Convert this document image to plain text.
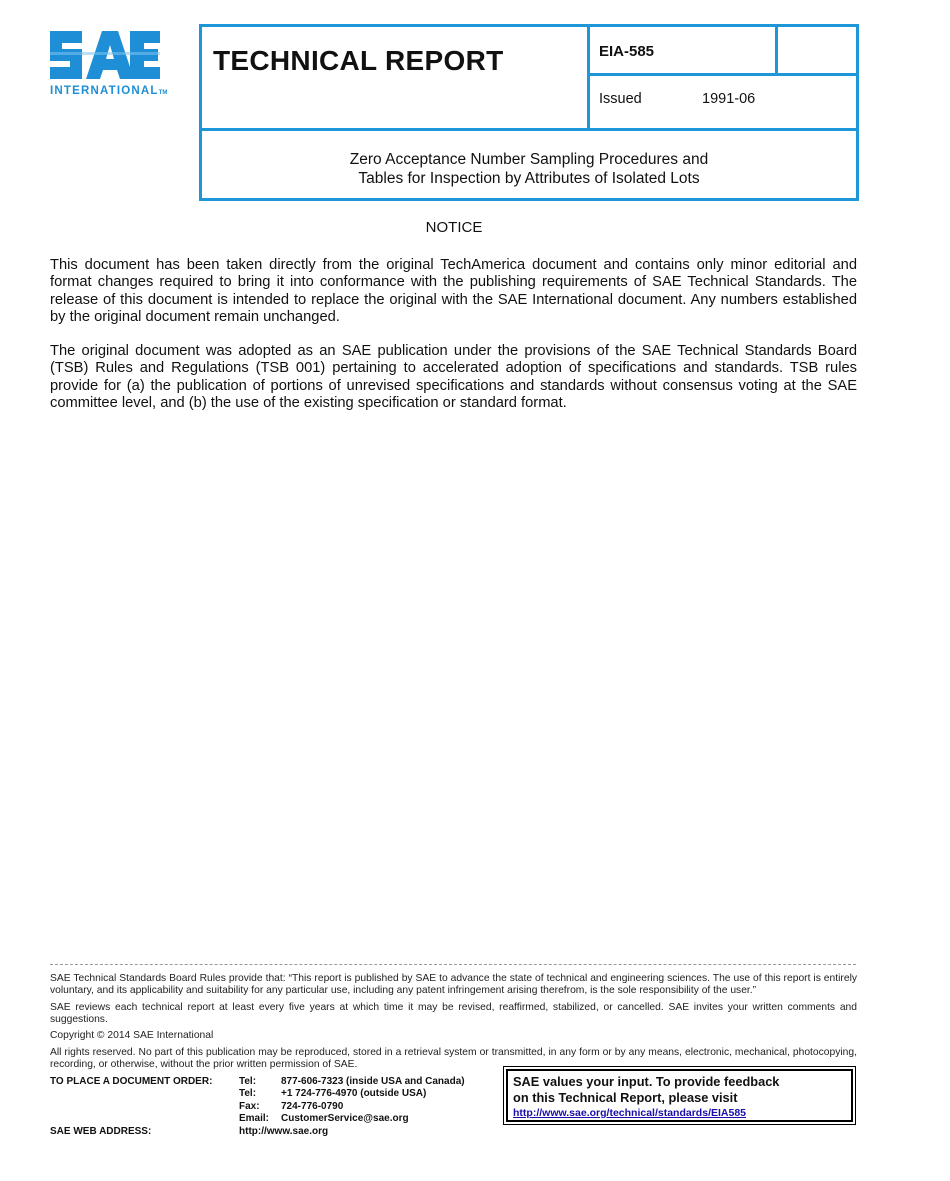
INTERNATIONALTM
TECHNICAL REPORT	EIA-585
Issued	1991-06
Zero Acceptance Number Sampling Procedures and
Tables for Inspection by Attributes of Isolated Lots
NOTICE

This document has been taken directly from the original TechAmerica document and contains only minor editorial and format changes required to bring it into conformance with the publishing requirements of SAE Technical Standards. The release of this document is intended to replace the original with the SAE International document. Any numbers established by the original document remain unchanged.

The original document was adopted as an SAE publication under the provisions of the SAE Technical Standards Board (TSB) Rules and Regulations (TSB 001) pertaining to accelerated adoption of specifications and standards. TSB rules provide for (a) the publication of portions of unrevised specifications and standards without consensus voting at the SAE committee level, and (b) the use of the existing specification or standard format.

SAE Technical Standards Board Rules provide that: “This report is published by SAE to advance the state of technical and engineering sciences. The use of this report is entirely voluntary, and its applicability and suitability for any particular use, including any patent infringement arising therefrom, is the sole responsibility of the user.”

SAE reviews each technical report at least every five years at which time it may be revised, reaffirmed, stabilized, or cancelled. SAE invites your written comments and suggestions.

Copyright © 2014 SAE International

All rights reserved. No part of this publication may be reproduced, stored in a retrieval system or transmitted, in any form or by any means, electronic, mechanical, photocopying, recording, or otherwise, without the prior written permission of SAE.

TO PLACE A DOCUMENT ORDER:	Tel: 877-606-7323 (inside USA and Canada)
Tel: +1 724-776-4970 (outside USA)
Fax: 724-776-0790
Email: CustomerService@sae.org
SAE WEB ADDRESS:	http://www.sae.org
SAE values your input. To provide feedback
on this Technical Report, please visit
http://www.sae.org/technical/standards/EIA585
